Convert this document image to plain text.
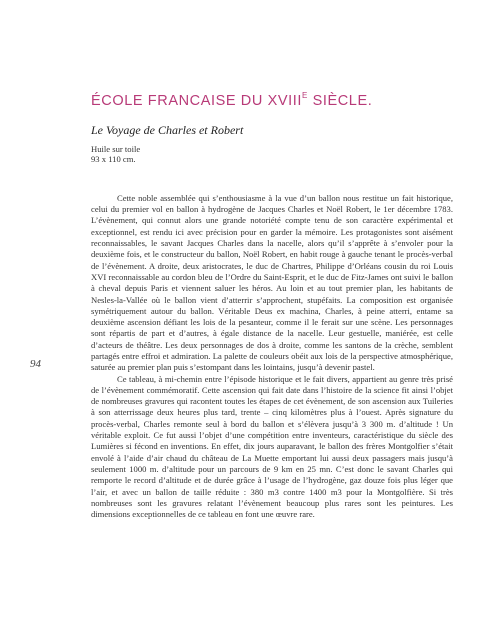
94
ÉCOLE FRANCAISE DU $XVIII^E$ SIÈCLE.
Le Voyage de Charles et Robert
Huile sur toile
93 x 110 cm.

Cette noble assemblée qui s’enthousiasme à la vue d’un ballon nous restitue un fait historique, celui du premier vol en ballon à hydrogène de Jacques Charles et Noël Robert, le 1er décembre 1783. L’évènement, qui connut alors une grande notoriété compte tenu de son caractère expérimental et exceptionnel, est rendu ici avec précision pour en garder la mémoire. Les protagonistes sont aisément reconnaissables, le savant Jacques Charles dans la nacelle, alors qu’il s’apprête à s’envoler pour la deuxième fois, et le constructeur du ballon, Noël Robert, en habit rouge à gauche tenant le procès-verbal de l’évènement. A droite, deux aristocrates, le duc de Chartres, Philippe d’Orléans cousin du roi Louis XVI reconnaissable au cordon bleu de l’Ordre du Saint-Esprit, et le duc de Fitz-James ont suivi le ballon à cheval depuis Paris et viennent saluer les héros. Au loin et au tout premier plan, les habitants de Nesles-la-Vallée où le ballon vient d’atterrir s’approchent, stupéfaits. La composition est organisée symétriquement autour du ballon. Véritable Deus ex machina, Charles, à peine atterri, entame sa deuxième ascension défiant les lois de la pesanteur, comme il le ferait sur une scène. Les personnages sont répartis de part et d’autres, à égale distance de la nacelle. Leur gestuelle, maniérée, est celle d’acteurs de théâtre. Les deux personnages de dos à droite, comme les santons de la crèche, semblent partagés entre effroi et admiration. La palette de couleurs obéit aux lois de la perspective atmosphérique, saturée au premier plan puis s’estompant dans les lointains, jusqu’à devenir pastel.

Ce tableau, à mi-chemin entre l’épisode historique et le fait divers, appartient au genre très prisé de l’évènement commémoratif. Cette ascension qui fait date dans l’histoire de la science fit ainsi l’objet de nombreuses gravures qui racontent toutes les étapes de cet évènement, de son ascension aux Tuileries à son atterrissage deux heures plus tard, trente – cinq kilomètres plus à l’ouest. Après signature du procès-verbal, Charles remonte seul à bord du ballon et s’élèvera jusqu’à 3 300 m. d’altitude ! Un véritable exploit. Ce fut aussi l’objet d’une compétition entre inventeurs, caractéristique du siècle des Lumières si fécond en inventions. En effet, dix jours auparavant, le ballon des frères Montgolfier s’était envolé à l’aide d’air chaud du château de La Muette emportant lui aussi deux passagers mais jusqu’à seulement 1000 m. d’altitude pour un parcours de 9 km en 25 mn. C’est donc le savant Charles qui remporte le record d’altitude et de durée grâce à l’usage de l’hydrogène, gaz douze fois plus léger que l’air, et avec un ballon de taille réduite : 380 m3 contre 1400 m3 pour la Montgolfière. Si très nombreuses sont les gravures relatant l’évènement beaucoup plus rares sont les peintures. Les dimensions exceptionnelles de ce tableau en font une œuvre rare.
